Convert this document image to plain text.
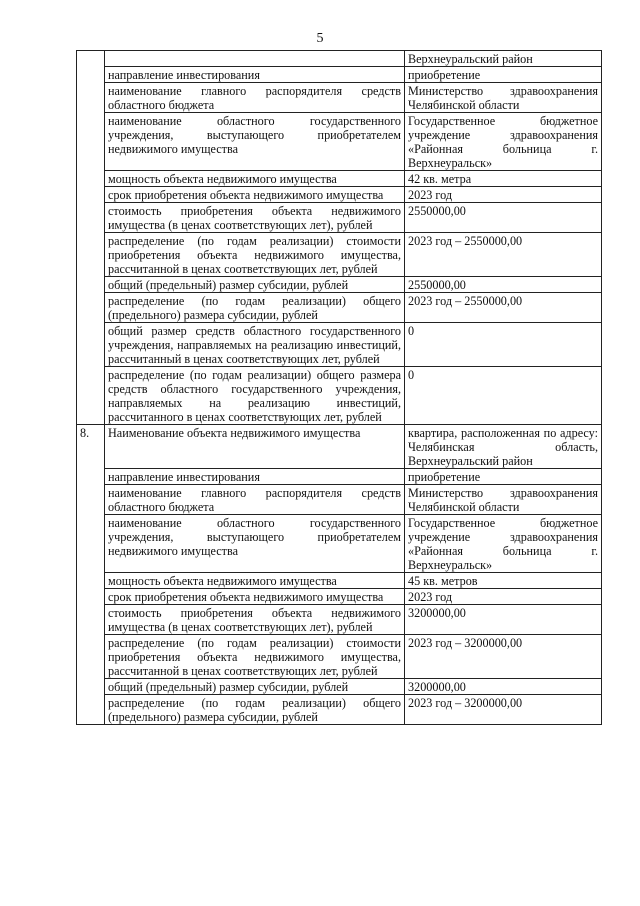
5
		Верхнеуральский район
	направление инвестирования	приобретение
	наименование главного распорядителя средств областного бюджета	Министерство здравоохранения Челябинской области
	наименование областного государственного учреждения, выступающего приобретателем недвижимого имущества	Государственное бюджетное учреждение здравоохранения «Районная больница г. Верхнеуральск»
	мощность объекта недвижимого имущества	42 кв. метра
	срок приобретения объекта недвижимого имущества	2023 год
	стоимость приобретения объекта недвижимого имущества (в ценах соответствующих лет), рублей	2550000,00
	распределение (по годам реализации) стоимости приобретения объекта недвижимого имущества, рассчитанной в ценах соответствующих лет, рублей	2023 год – 2550000,00
	общий (предельный) размер субсидии, рублей	2550000,00
	распределение (по годам реализации) общего (предельного) размера субсидии, рублей	2023 год – 2550000,00
	общий размер средств областного государственного учреждения, направляемых на реализацию инвестиций, рассчитанный в ценах соответствующих лет, рублей	0
	распределение (по годам реализации) общего размера средств областного государственного учреждения, направляемых на реализацию инвестиций, рассчитанного в ценах соответствующих лет, рублей	0
8.	Наименование объекта недвижимого имущества	квартира, расположенная по адресу: Челябинская область, Верхнеуральский район
	направление инвестирования	приобретение
	наименование главного распорядителя средств областного бюджета	Министерство здравоохранения Челябинской области
	наименование областного государственного учреждения, выступающего приобретателем недвижимого имущества	Государственное бюджетное учреждение здравоохранения «Районная больница г. Верхнеуральск»
	мощность объекта недвижимого имущества	45 кв. метров
	срок приобретения объекта недвижимого имущества	2023 год
	стоимость приобретения объекта недвижимого имущества (в ценах соответствующих лет), рублей	3200000,00
	распределение (по годам реализации) стоимости приобретения объекта недвижимого имущества, рассчитанной в ценах соответствующих лет, рублей	2023 год – 3200000,00
	общий (предельный) размер субсидии, рублей	3200000,00
	распределение (по годам реализации) общего (предельного) размера субсидии, рублей	2023 год – 3200000,00
